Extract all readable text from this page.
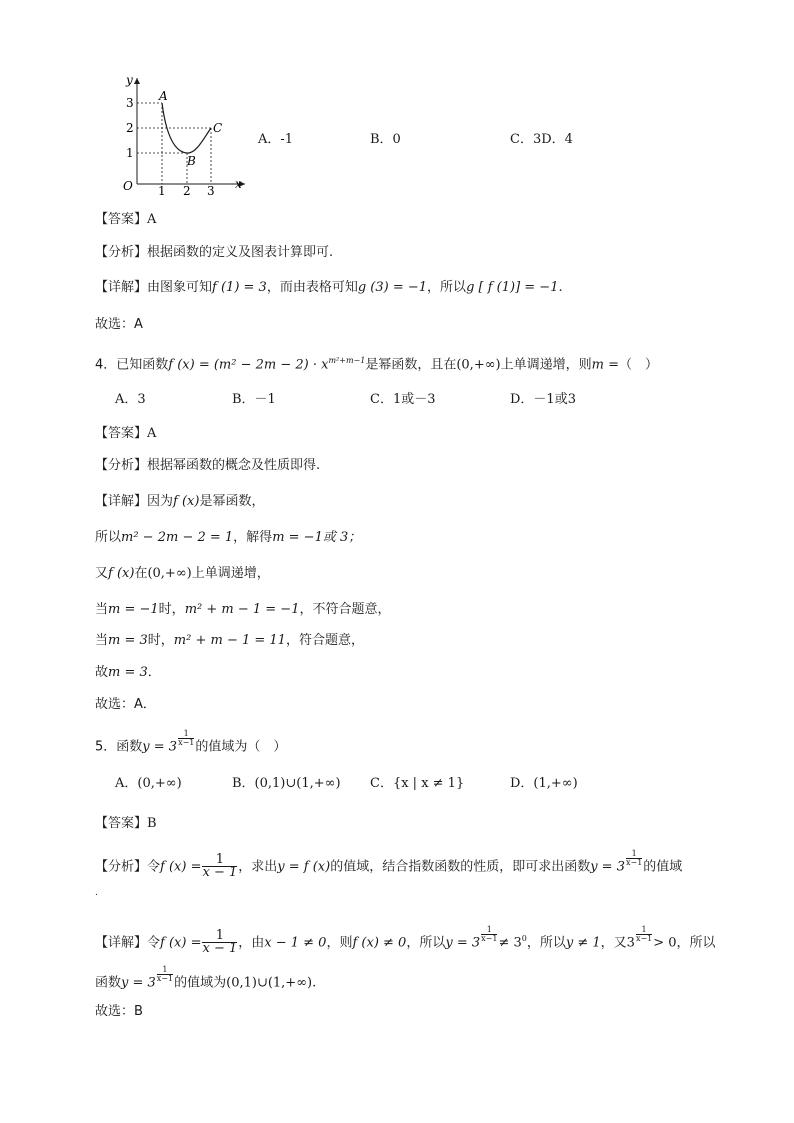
y
x
O
3
2
1
1 2 3
A
B
C
A．-1	B．0	C．3D．4
【答案】A
【分析】根据函数的定义及图表计算即可.
【详解】由图象可知f (1) = 3，而由表格可知g (3) = −1，所以g [ f (1)] = −1.
故选：A
4．已知函数f $(x) = (m^2 - 2m - 2) \cdot x^{m^2+m-1}$是幂函数，且在(0,+∞)上单调递增，则m =（　）
A．3	B．－1	C．1或－3	D．－1或3
【答案】A
【分析】根据幂函数的概念及性质即得.
【详解】因为f (x)是幂函数，
所以m² − 2m − 2 = 1，解得m = −1或 3；
又f (x)在(0,+∞)上单调递增，
当m = −1时，m² + m − 1 = −1，不符合题意，
当m = 3时，m² + m − 1 = 11，符合题意，
故m = 3．
故选：A．
5．函数$y = 3 \frac{1}{x-1}$ 的值域为（　）
A．(0,+∞)	B．(0,1)∪(1,+∞) C．{x | x ≠ 1}	D．(1,+∞)
【答案】B
【分析】令f $(x) = \frac{1}{x - 1}$ ，求出y = f (x)的值域，结合指数函数的性质，即可求出函数$y = 3 \frac{1}{x-1}$ 的值域
.
【详解】令f $(x) = \frac{1}{x - 1}$ ，由x − 1 ≠ 0，则f (x) ≠ 0，所以$y = 3 \frac{1}{x-1} \ne 3^0$，所以y ≠ 1，又$3 \frac{1}{x-1} > 0$，所以
函数$y = 3 \frac{1}{x-1}$ 的值域为(0,1)∪(1,+∞).
故选：B
